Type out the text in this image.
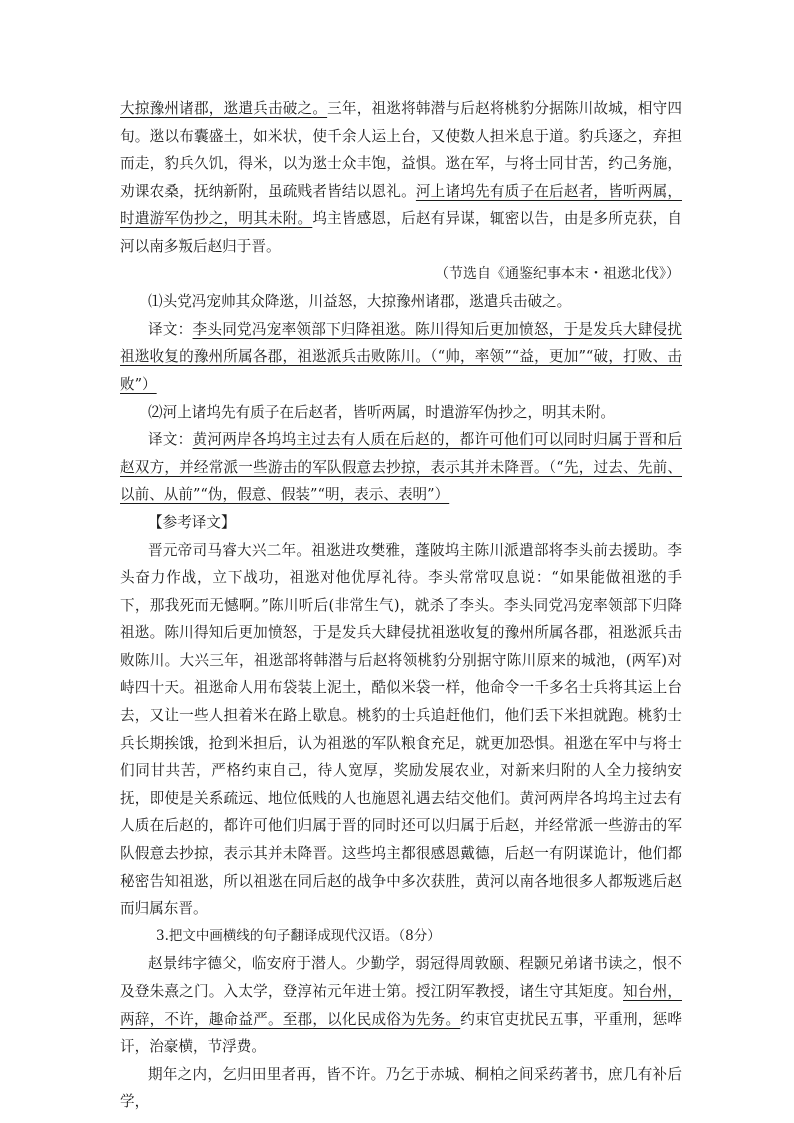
大掠豫州诸郡，逖遣兵击破之。三年，祖逖将韩潜与后赵将桃豹分据陈川故城，相守四旬。逖以布囊盛土，如米状，使千余人运上台，又使数人担米息于道。豹兵逐之，弃担而走，豹兵久饥，得米，以为逖士众丰饱，益惧。逖在军，与将士同甘苦，约己务施，劝课农桑，抚纳新附，虽疏贱者皆结以恩礼。河上诸坞先有质子在后赵者，皆听两属，时遣游军伪抄之，明其未附。坞主皆感恩，后赵有异谋，辄密以告，由是多所克获，自河以南多叛后赵归于晋。

（节选自《通鉴纪事本末・祖逖北伐》）

⑴头党冯宠帅其众降逖，川益怒，大掠豫州诸郡，逖遣兵击破之。

译文：李头同党冯宠率领部下归降祖逖。陈川得知后更加愤怒，于是发兵大肆侵扰祖逖收复的豫州所属各郡，祖逖派兵击败陈川。（“帅，率领”“益，更加”“破，打败、击败”）

⑵河上诸坞先有质子在后赵者，皆听两属，时遣游军伪抄之，明其未附。

译文：黄河两岸各坞坞主过去有人质在后赵的，都许可他们可以同时归属于晋和后赵双方，并经常派一些游击的军队假意去抄掠，表示其并未降晋。（“先，过去、先前、以前、从前”“伪，假意、假装”“明，表示、表明”）

【参考译文】

晋元帝司马睿大兴二年。祖逖进攻樊雅，蓬陂坞主陈川派遣部将李头前去援助。李头奋力作战，立下战功，祖逖对他优厚礼待。李头常常叹息说：“如果能做祖逖的手下，那我死而无憾啊。”陈川听后(非常生气)，就杀了李头。李头同党冯宠率领部下归降祖逖。陈川得知后更加愤怒，于是发兵大肆侵扰祖逖收复的豫州所属各郡，祖逖派兵击败陈川。大兴三年，祖逖部将韩潜与后赵将领桃豹分别据守陈川原来的城池，(两军)对峙四十天。祖逖命人用布袋装上泥土，酷似米袋一样，他命令一千多名士兵将其运上台去，又让一些人担着米在路上歇息。桃豹的士兵追赶他们，他们丢下米担就跑。桃豹士兵长期挨饿，抢到米担后，认为祖逖的军队粮食充足，就更加恐惧。祖逖在军中与将士们同甘共苦，严格约束自己，待人宽厚，奖励发展农业，对新来归附的人全力接纳安抚，即使是关系疏远、地位低贱的人也施恩礼遇去结交他们。黄河两岸各坞坞主过去有人质在后赵的，都许可他们归属于晋的同时还可以归属于后赵，并经常派一些游击的军队假意去抄掠，表示其并未降晋。这些坞主都很感恩戴德，后赵一有阴谋诡计，他们都秘密告知祖逖，所以祖逖在同后赵的战争中多次获胜，黄河以南各地很多人都叛逃后赵而归属东晋。

3.把文中画横线的句子翻译成现代汉语。（8分）

赵景纬字德父，临安府于潜人。少勤学，弱冠得周敦颐、程颢兄弟诸书读之，恨不及登朱熹之门。入太学，登淳祐元年进士第。授江阴军教授，诸生守其矩度。知台州，两辞，不许，趣命益严。至郡，以化民成俗为先务。约束官吏扰民五事，平重刑，惩哗讦，治豪横，节浮费。

期年之内，乞归田里者再，皆不许。乃乞于赤城、桐柏之间采药著书，庶几有补后学，
